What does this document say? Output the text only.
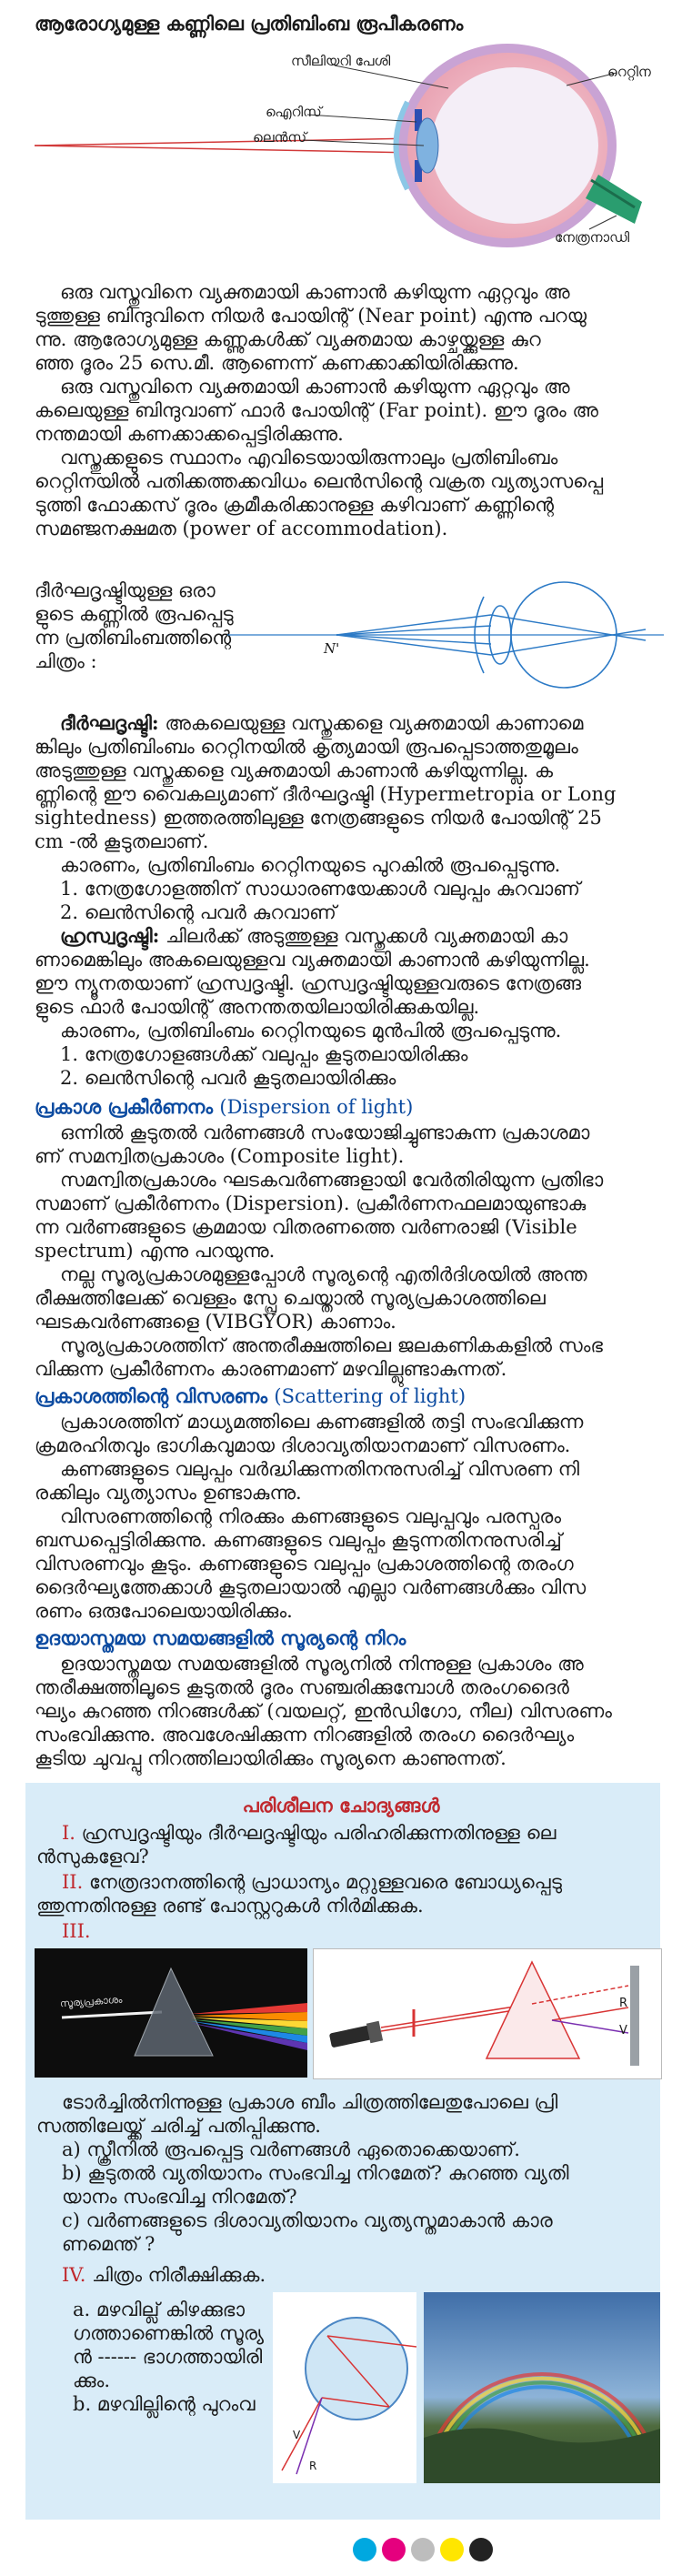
ആരോഗ്യമുള്ള കണ്ണിലെ പ്രതിബിംബ രൂപീകരണം
സീലിയറി പേശി
റെറ്റിന
ഐറിസ്
ലെൻസ്
നേത്രനാഡി
ഒരു വസ്തുവിനെ വ്യക്തമായി കാണാൻ കഴിയുന്ന ഏറ്റവും അ
ടുത്തുള്ള ബിന്ദുവിനെ നിയർ പോയിന്റ് (Near point) എന്നു പറയു
ന്നു. ആരോഗ്യമുള്ള കണ്ണുകൾക്ക് വ്യക്തമായ കാഴ്ചയ്ക്കുള്ള കുറ
ഞ്ഞ ദൂരം 25 സെ.മീ. ആണെന്ന് കണക്കാക്കിയിരിക്കുന്നു.
ഒരു വസ്തുവിനെ വ്യക്തമായി കാണാൻ കഴിയുന്ന ഏറ്റവും അ
കലെയുള്ള ബിന്ദുവാണ് ഫാർ പോയിന്റ് (Far point). ഈ ദൂരം അ
നന്തമായി കണക്കാക്കപ്പെട്ടിരിക്കുന്നു.
വസ്തുക്കളുടെ സ്ഥാനം എവിടെയായിരുന്നാലും പ്രതിബിംബം
റെറ്റിനയിൽ പതിക്കത്തക്കവിധം ലെൻസിന്റെ വക്രത വ്യത്യാസപ്പെ
ടുത്തി ഫോക്കസ് ദൂരം ക്രമീകരിക്കാനുള്ള കഴിവാണ് കണ്ണിന്റെ
സമഞ്ജനക്ഷമത (power of accommodation).
ദീർഘദൃഷ്ടിയുള്ള ഒരാ
ളുടെ കണ്ണിൽ രൂപപ്പെടു
ന്ന പ്രതിബിംബത്തിന്റെ
ചിത്രം :
N'
ദീർഘദൃഷ്ടി: അകലെയുള്ള വസ്തുക്കളെ വ്യക്തമായി കാണാമെ
ങ്കിലും പ്രതിബിംബം റെറ്റിനയിൽ കൃത്യമായി രൂപപ്പെടാത്തതുമൂലം
അടുത്തുള്ള വസ്തുക്കളെ വ്യക്തമായി കാണാൻ കഴിയുന്നില്ല. ക
ണ്ണിന്റെ ഈ വൈകല്യമാണ് ദീർഘദൃഷ്ടി (Hypermetropia or Long
sightedness) ഇത്തരത്തിലുള്ള നേത്രങ്ങളുടെ നിയർ പോയിന്റ് 25
cm -ൽ കൂടുതലാണ്.
കാരണം, പ്രതിബിംബം റെറ്റിനയുടെ പുറകിൽ രൂപപ്പെടുന്നു.
1. നേത്രഗോളത്തിന് സാധാരണയേക്കാൾ വലുപ്പം കുറവാണ്
2. ലെൻസിന്റെ പവർ കുറവാണ്
ഹ്രസ്വദൃഷ്ടി: ചിലർക്ക് അടുത്തുള്ള വസ്തുക്കൾ വ്യക്തമായി കാ
ണാമെങ്കിലും അകലെയുള്ളവ വ്യക്തമായി കാണാൻ കഴിയുന്നില്ല.
ഈ ന്യൂനതയാണ് ഹ്രസ്വദൃഷ്ടി. ഹ്രസ്വദൃഷ്ടിയുള്ളവരുടെ നേത്രങ്ങ
ളുടെ ഫാർ പോയിന്റ് അനന്തതയിലായിരിക്കുകയില്ല.
കാരണം, പ്രതിബിംബം റെറ്റിനയുടെ മുൻപിൽ രൂപപ്പെടുന്നു.
1. നേത്രഗോളങ്ങൾക്ക് വലുപ്പം കൂടുതലായിരിക്കും
2. ലെൻസിന്റെ പവർ കൂടുതലായിരിക്കും
പ്രകാശ പ്രകീർണനം (Dispersion of light)
ഒന്നിൽ കൂടുതൽ വർണങ്ങൾ സംയോജിച്ചുണ്ടാകുന്ന പ്രകാശമാ
ണ് സമന്വിതപ്രകാശം (Composite light).
സമന്വിതപ്രകാശം ഘടകവർണങ്ങളായി വേർതിരിയുന്ന പ്രതിഭാ
സമാണ് പ്രകീർണനം (Dispersion). പ്രകീർണനഫലമായുണ്ടാകു
ന്ന വർണങ്ങളുടെ ക്രമമായ വിതരണത്തെ വർണരാജി (Visible
spectrum) എന്നു പറയുന്നു.
നല്ല സൂര്യപ്രകാശമുള്ളപ്പോൾ സൂര്യന്റെ എതിർദിശയിൽ അന്ത
രീക്ഷത്തിലേക്ക് വെള്ളം സ്പ്രേ ചെയ്താൽ സൂര്യപ്രകാശത്തിലെ
ഘടകവർണങ്ങളെ (VIBGYOR) കാണാം.
സൂര്യപ്രകാശത്തിന് അന്തരീക്ഷത്തിലെ ജലകണികകളിൽ സംഭ
വിക്കുന്ന പ്രകീർണനം കാരണമാണ് മഴവില്ലുണ്ടാകുന്നത്.
പ്രകാശത്തിന്റെ വിസരണം (Scattering of light)
പ്രകാശത്തിന് മാധ്യമത്തിലെ കണങ്ങളിൽ തട്ടി സംഭവിക്കുന്ന
ക്രമരഹിതവും ഭാഗികവുമായ ദിശാവ്യതിയാനമാണ് വിസരണം.
കണങ്ങളുടെ വലുപ്പം വർദ്ധിക്കുന്നതിനനുസരിച്ച് വിസരണ നി
രക്കിലും വ്യത്യാസം ഉണ്ടാകുന്നു.
വിസരണത്തിന്റെ നിരക്കും കണങ്ങളുടെ വലുപ്പവും പരസ്പരം
ബന്ധപ്പെട്ടിരിക്കുന്നു. കണങ്ങളുടെ വലുപ്പം കൂടുന്നതിനനുസരിച്ച്
വിസരണവും കൂടും. കണങ്ങളുടെ വലുപ്പം പ്രകാശത്തിന്റെ തരംഗ
ദൈർഘ്യത്തേക്കാൾ കൂടുതലായാൽ എല്ലാ വർണങ്ങൾക്കും വിസ
രണം ഒരുപോലെയായിരിക്കും.
ഉദയാസ്തമയ സമയങ്ങളിൽ സൂര്യന്റെ നിറം
ഉദയാസ്തമയ സമയങ്ങളിൽ സൂര്യനിൽ നിന്നുള്ള പ്രകാശം അ
ന്തരീക്ഷത്തിലൂടെ കൂടുതൽ ദൂരം സഞ്ചരിക്കുമ്പോൾ തരംഗദൈർ
ഘ്യം കുറഞ്ഞ നിറങ്ങൾക്ക് (വയലറ്റ്, ഇൻഡിഗോ, നീല) വിസരണം
സംഭവിക്കുന്നു. അവശേഷിക്കുന്ന നിറങ്ങളിൽ തരംഗ ദൈർഘ്യം
കൂടിയ ചുവപ്പു നിറത്തിലായിരിക്കും സൂര്യനെ കാണുന്നത്.
പരിശീലന ചോദ്യങ്ങൾ
I. ഹ്രസ്വദൃഷ്ടിയും ദീർഘദൃഷ്ടിയും പരിഹരിക്കുന്നതിനുള്ള ലെ
ൻസുകളേവ?
II. നേത്രദാനത്തിന്റെ പ്രാധാന്യം മറ്റുള്ളവരെ ബോധ്യപ്പെടു
ത്തുന്നതിനുള്ള രണ്ട് പോസ്റ്ററുകൾ നിർമിക്കുക.
III.
സൂര്യപ്രകാശം	R
V
ടോർച്ചിൽനിന്നുള്ള പ്രകാശ ബീം ചിത്രത്തിലേതുപോലെ പ്രി
സത്തിലേയ്ക്ക് ചരിച്ച് പതിപ്പിക്കുന്നു.
a) സ്ക്രീനിൽ രൂപപ്പെട്ട വർണങ്ങൾ ഏതൊക്കെയാണ്.
b) കൂടുതൽ വ്യതിയാനം സംഭവിച്ച നിറമേത്? കുറഞ്ഞ വ്യതി
യാനം സംഭവിച്ച നിറമേത്?
c) വർണങ്ങളുടെ ദിശാവ്യതിയാനം വ്യത്യസ്തമാകാൻ കാര
ണമെന്ത് ?
IV. ചിത്രം നിരീക്ഷിക്കുക.
a. മഴവില്ല് കിഴക്കുഭാ
ഗത്താണെങ്കിൽ സൂര്യ
ൻ ------ ഭാഗത്തായിരി
ക്കും.
b. മഴവില്ലിന്റെ പുറംവ
V
R
